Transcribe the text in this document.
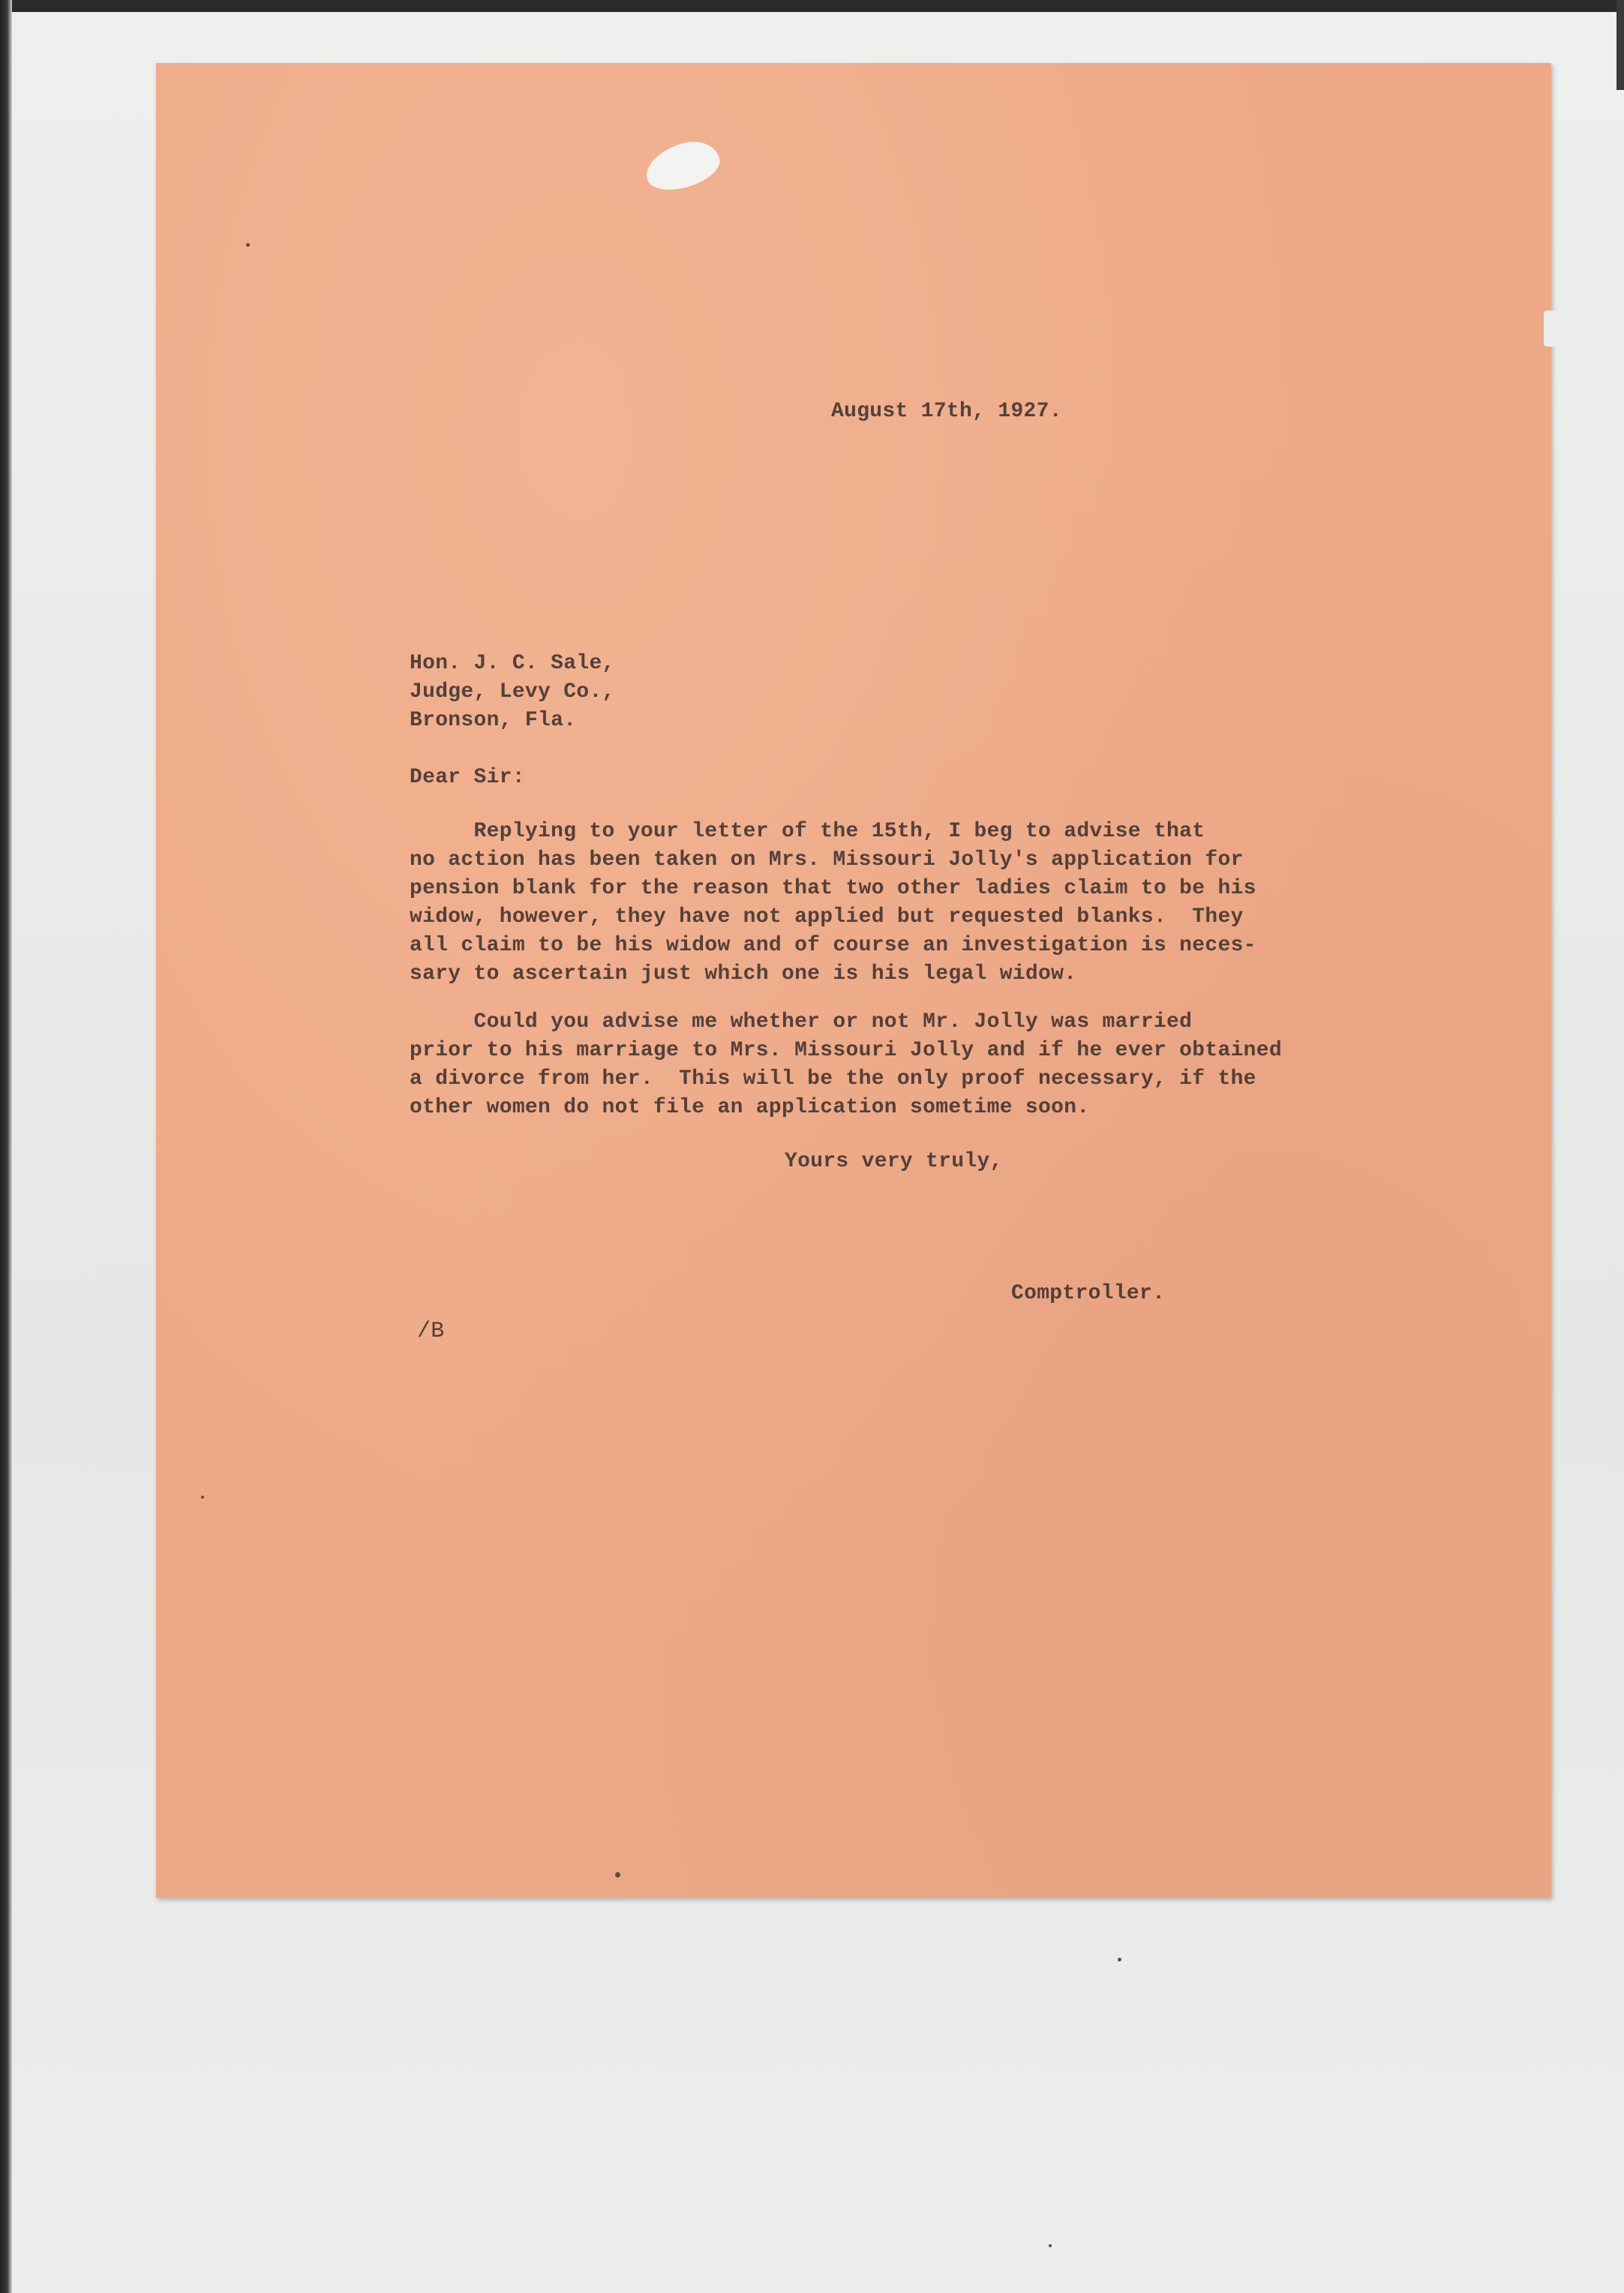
August 17th, 1927.
Hon. J. C. Sale,
Judge, Levy Co.,
Bronson, Fla.
Dear Sir:
Replying to your letter of the 15th, I beg to advise that
no action has been taken on Mrs. Missouri Jolly's application for
pension blank for the reason that two other ladies claim to be his
widow, however, they have not applied but requested blanks.  They
all claim to be his widow and of course an investigation is neces-
sary to ascertain just which one is his legal widow.
Could you advise me whether or not Mr. Jolly was married
prior to his marriage to Mrs. Missouri Jolly and if he ever obtained
a divorce from her.  This will be the only proof necessary, if the
other women do not file an application sometime soon.
Yours very truly,
Comptroller.
/B
